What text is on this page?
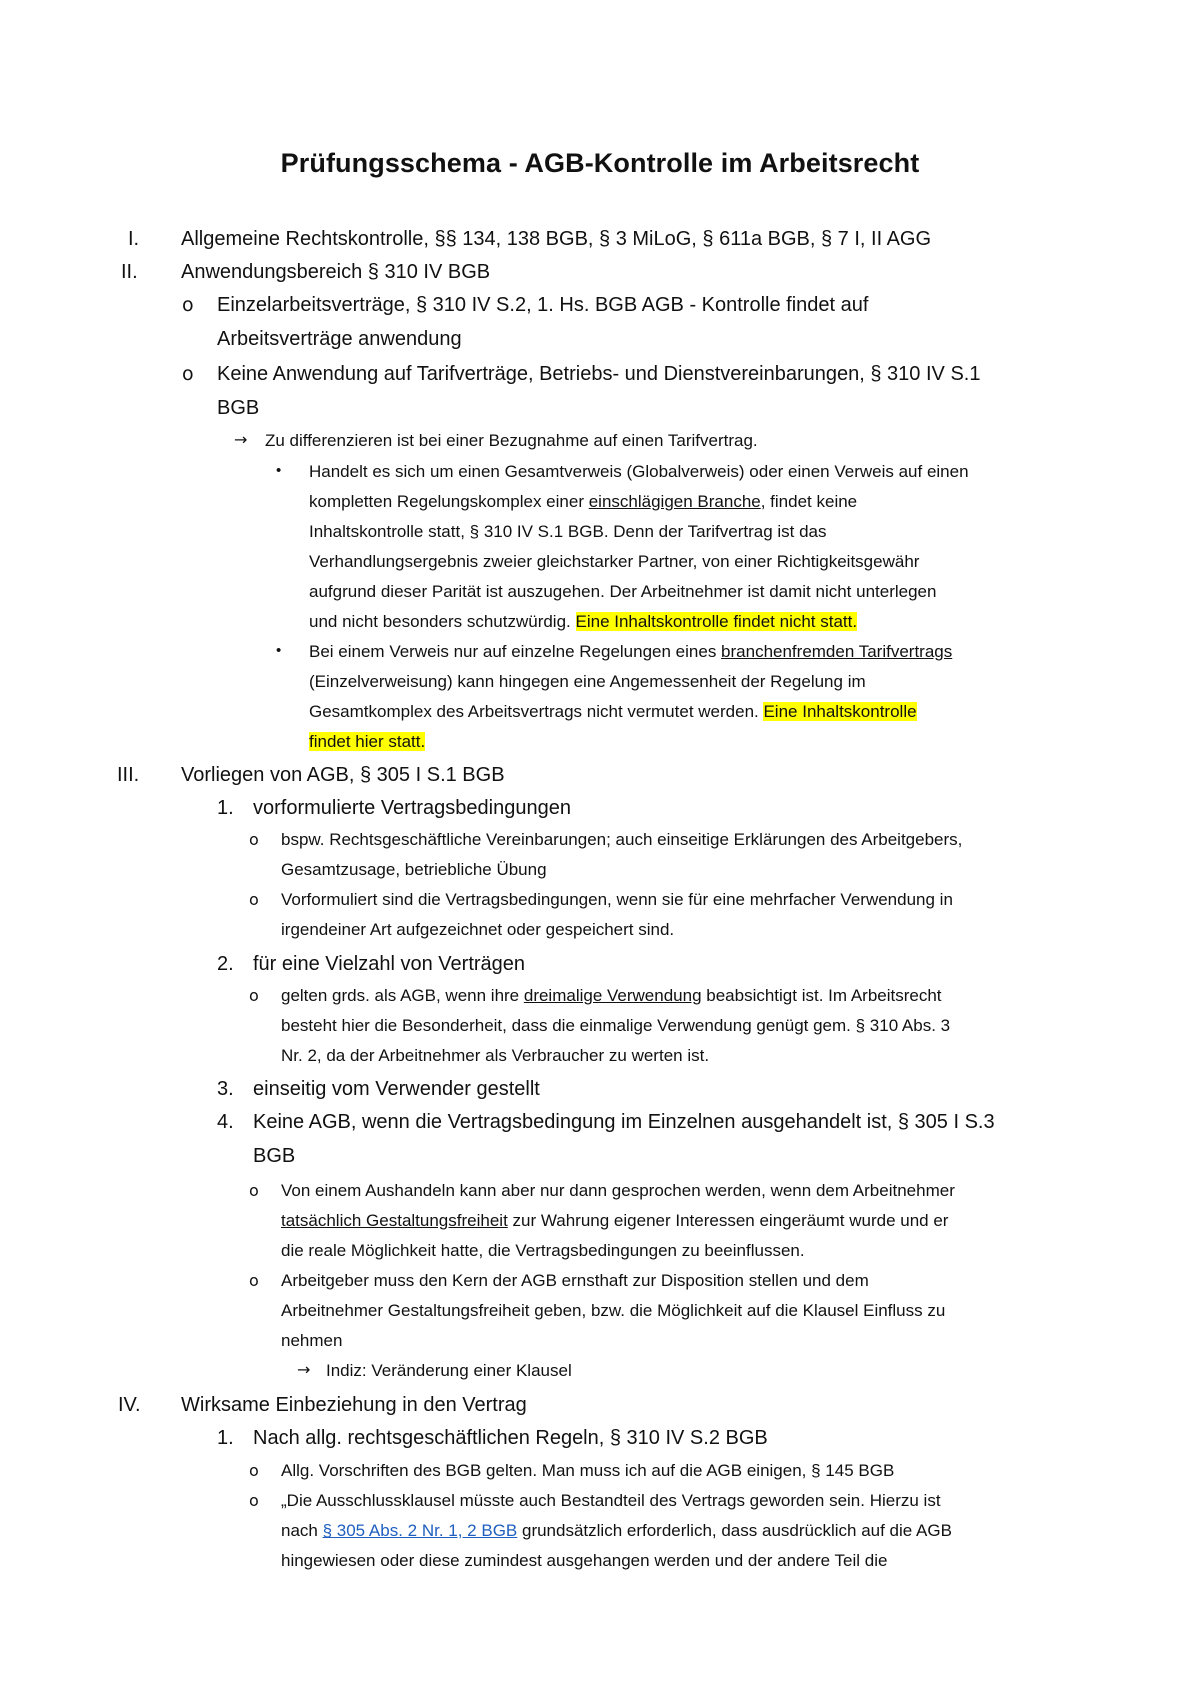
Prüfungsschema - AGB-Kontrolle im Arbeitsrecht
I. Allgemeine Rechtskontrolle, §§ 134, 138 BGB, § 3 MiLoG, § 611a BGB, § 7 I, II AGG
II. Anwendungsbereich § 310 IV BGB
o Einzelarbeitsverträge, § 310 IV S.2, 1. Hs. BGB AGB - Kontrolle findet auf
Arbeitsverträge anwendung
o Keine Anwendung auf Tarifverträge, Betriebs- und Dienstvereinbarungen, § 310 IV S.1
BGB
→ Zu differenzieren ist bei einer Bezugnahme auf einen Tarifvertrag.
• Handelt es sich um einen Gesamtverweis (Globalverweis) oder einen Verweis auf einen
kompletten Regelungskomplex einer einschlägigen Branche, findet keine
Inhaltskontrolle statt, § 310 IV S.1 BGB. Denn der Tarifvertrag ist das
Verhandlungsergebnis zweier gleichstarker Partner, von einer Richtigkeitsgewähr
aufgrund dieser Parität ist auszugehen. Der Arbeitnehmer ist damit nicht unterlegen
und nicht besonders schutzwürdig. Eine Inhaltskontrolle findet nicht statt.
• Bei einem Verweis nur auf einzelne Regelungen eines branchenfremden Tarifvertrags
(Einzelverweisung) kann hingegen eine Angemessenheit der Regelung im
Gesamtkomplex des Arbeitsvertrags nicht vermutet werden. Eine Inhaltskontrolle
findet hier statt.
III. Vorliegen von AGB, § 305 I S.1 BGB
1. vorformulierte Vertragsbedingungen
o bspw. Rechtsgeschäftliche Vereinbarungen; auch einseitige Erklärungen des Arbeitgebers,
Gesamtzusage, betriebliche Übung
o Vorformuliert sind die Vertragsbedingungen, wenn sie für eine mehrfacher Verwendung in
irgendeiner Art aufgezeichnet oder gespeichert sind.
2. für eine Vielzahl von Verträgen
o gelten grds. als AGB, wenn ihre dreimalige Verwendung beabsichtigt ist. Im Arbeitsrecht
besteht hier die Besonderheit, dass die einmalige Verwendung genügt gem. § 310 Abs. 3
Nr. 2, da der Arbeitnehmer als Verbraucher zu werten ist.
3. einseitig vom Verwender gestellt
4. Keine AGB, wenn die Vertragsbedingung im Einzelnen ausgehandelt ist, § 305 I S.3
BGB
o Von einem Aushandeln kann aber nur dann gesprochen werden, wenn dem Arbeitnehmer
tatsächlich Gestaltungsfreiheit zur Wahrung eigener Interessen eingeräumt wurde und er
die reale Möglichkeit hatte, die Vertragsbedingungen zu beeinflussen.
o Arbeitgeber muss den Kern der AGB ernsthaft zur Disposition stellen und dem
Arbeitnehmer Gestaltungsfreiheit geben, bzw. die Möglichkeit auf die Klausel Einfluss zu
nehmen
→ Indiz: Veränderung einer Klausel
IV. Wirksame Einbeziehung in den Vertrag
1. Nach allg. rechtsgeschäftlichen Regeln, § 310 IV S.2 BGB
o Allg. Vorschriften des BGB gelten. Man muss ich auf die AGB einigen, § 145 BGB
o „Die Ausschlussklausel müsste auch Bestandteil des Vertrags geworden sein. Hierzu ist
nach § 305 Abs. 2 Nr. 1, 2 BGB grundsätzlich erforderlich, dass ausdrücklich auf die AGB
hingewiesen oder diese zumindest ausgehangen werden und der andere Teil die
